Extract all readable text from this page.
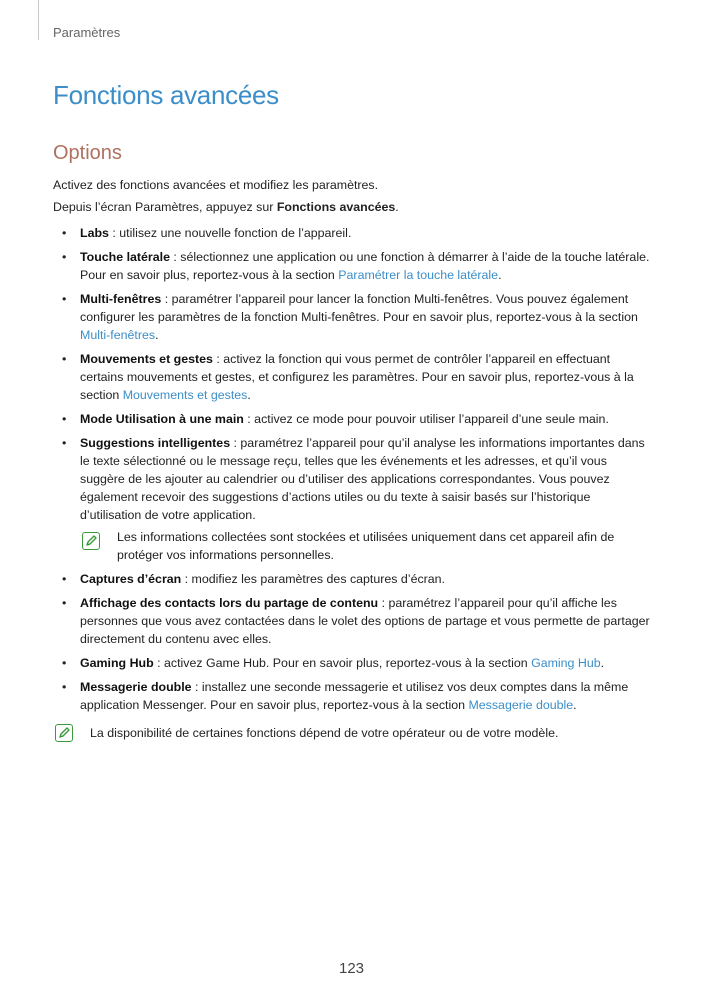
Paramètres
Fonctions avancées
Options

Activez des fonctions avancées et modifiez les paramètres.

Depuis l’écran Paramètres, appuyez sur Fonctions avancées.

• Labs : utilisez une nouvelle fonction de l’appareil.
• Touche latérale : sélectionnez une application ou une fonction à démarrer à l’aide de la touche latérale. Pour en savoir plus, reportez-vous à la section Paramétrer la touche latérale.
• Multi-fenêtres : paramétrer l’appareil pour lancer la fonction Multi-fenêtres. Vous pouvez également configurer les paramètres de la fonction Multi-fenêtres. Pour en savoir plus, reportez-vous à la section Multi-fenêtres.
• Mouvements et gestes : activez la fonction qui vous permet de contrôler l’appareil en effectuant certains mouvements et gestes, et configurez les paramètres. Pour en savoir plus, reportez-vous à la section Mouvements et gestes.
• Mode Utilisation à une main : activez ce mode pour pouvoir utiliser l’appareil d’une seule main.
• Suggestions intelligentes : paramétrez l’appareil pour qu’il analyse les informations importantes dans le texte sélectionné ou le message reçu, telles que les événements et les adresses, et qu’il vous suggère de les ajouter au calendrier ou d’utiliser des applications correspondantes. Vous pouvez également recevoir des suggestions d’actions utiles ou du texte à saisir basés sur l’historique d’utilisation de votre application.
Les informations collectées sont stockées et utilisées uniquement dans cet appareil afin de protéger vos informations personnelles.
• Captures d’écran : modifiez les paramètres des captures d’écran.
• Affichage des contacts lors du partage de contenu : paramétrez l’appareil pour qu’il affiche les personnes que vous avez contactées dans le volet des options de partage et vous permette de partager directement du contenu avec elles.
• Gaming Hub : activez Game Hub. Pour en savoir plus, reportez-vous à la section Gaming Hub.
• Messagerie double : installez une seconde messagerie et utilisez vos deux comptes dans la même application Messenger. Pour en savoir plus, reportez-vous à la section Messagerie double.
La disponibilité de certaines fonctions dépend de votre opérateur ou de votre modèle.
123
